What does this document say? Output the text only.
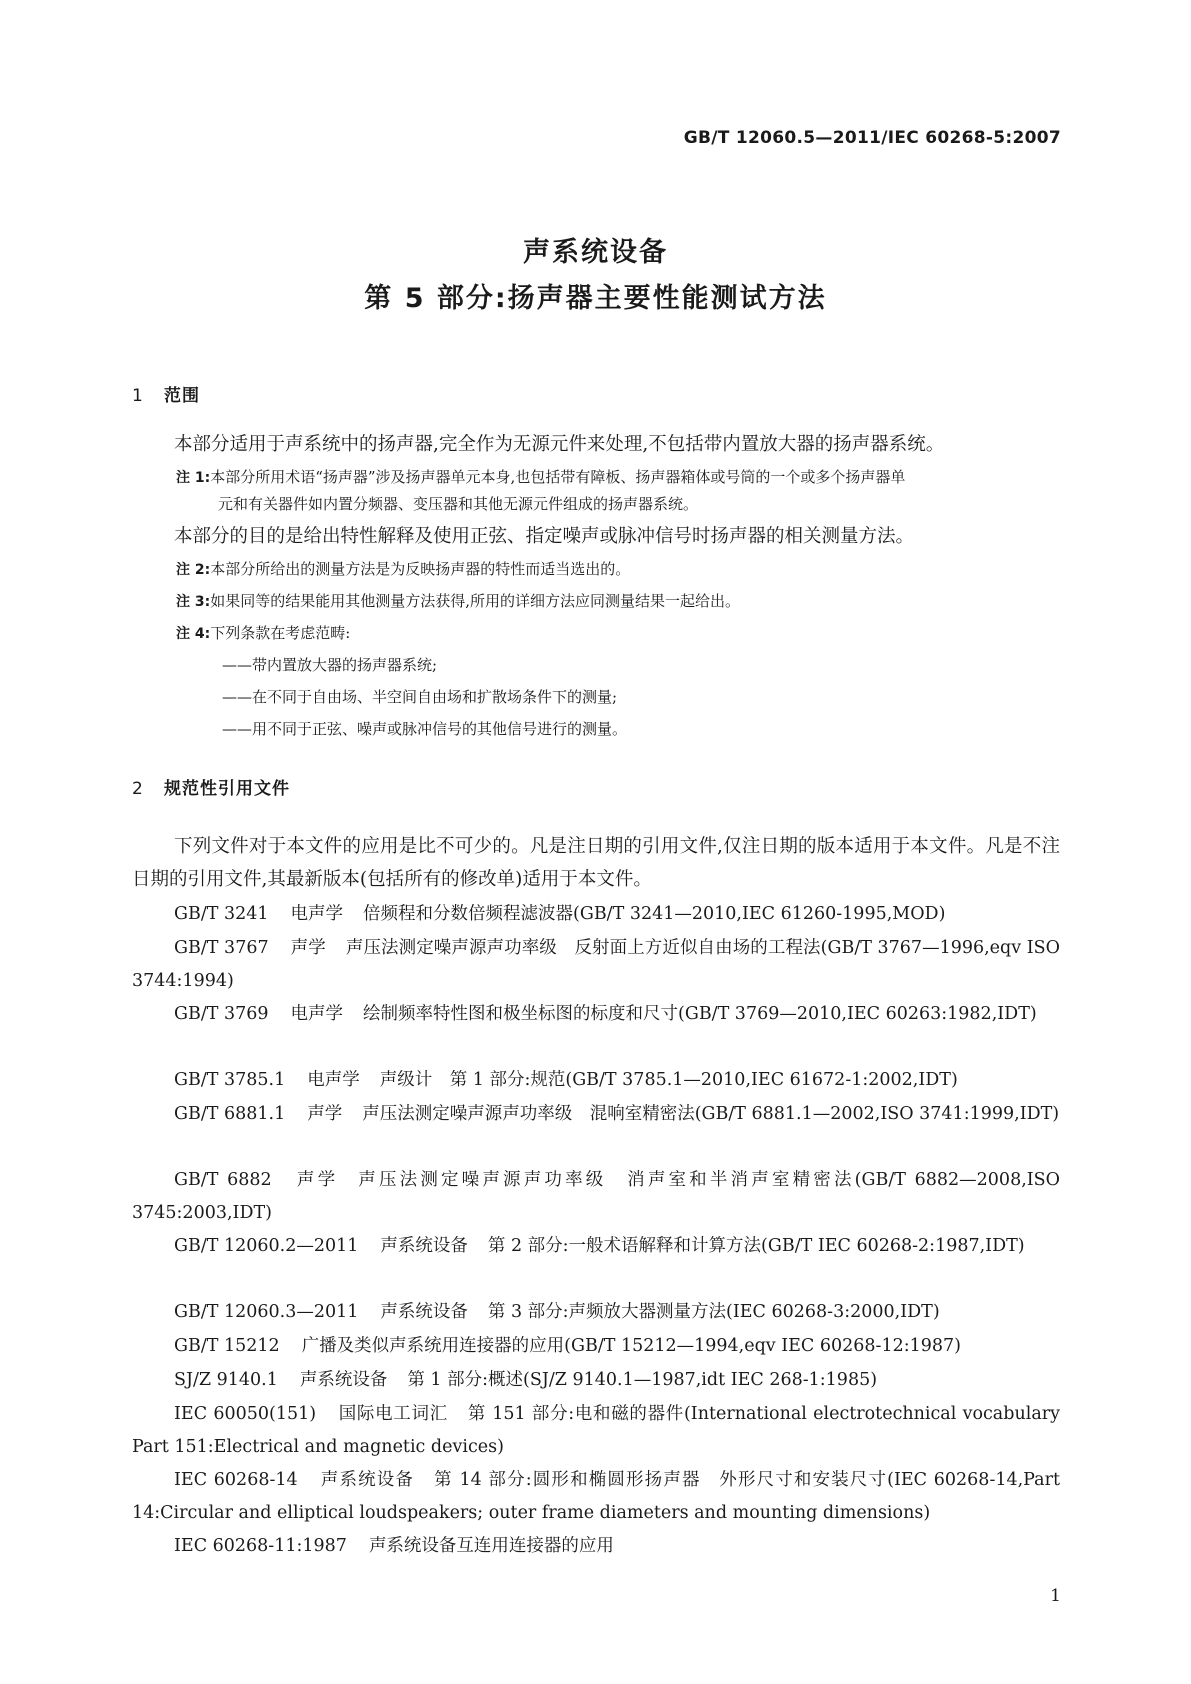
GB/T 12060.5—2011/IEC 60268-5:2007
声系统设备
第 5 部分:扬声器主要性能测试方法
1 范围
本部分适用于声系统中的扬声器,完全作为无源元件来处理,不包括带内置放大器的扬声器系统。
注 1:本部分所用术语“扬声器”涉及扬声器单元本身,也包括带有障板、扬声器箱体或号筒的一个或多个扬声器单
元和有关器件如内置分频器、变压器和其他无源元件组成的扬声器系统。
本部分的目的是给出特性解释及使用正弦、指定噪声或脉冲信号时扬声器的相关测量方法。
注 2:本部分所给出的测量方法是为反映扬声器的特性而适当选出的。
注 3:如果同等的结果能用其他测量方法获得,所用的详细方法应同测量结果一起给出。
注 4:下列条款在考虑范畴:
——带内置放大器的扬声器系统;
——在不同于自由场、半空间自由场和扩散场条件下的测量;
——用不同于正弦、噪声或脉冲信号的其他信号进行的测量。
2 规范性引用文件
下列文件对于本文件的应用是比不可少的。凡是注日期的引用文件,仅注日期的版本适用于本文件。凡是不注日期的引用文件,其最新版本(包括所有的修改单)适用于本文件。
GB/T 3241 电声学 倍频程和分数倍频程滤波器(GB/T 3241—2010,IEC 61260-1995,MOD)
GB/T 3767 声学 声压法测定噪声源声功率级　反射面上方近似自由场的工程法(GB/T 3767—1996,eqv ISO 3744:1994)
GB/T 3769 电声学 绘制频率特性图和极坐标图的标度和尺寸(GB/T 3769—2010,IEC 60263:1982,IDT)
GB/T 3785.1 电声学 声级计　第 1 部分:规范(GB/T 3785.1—2010,IEC 61672-1:2002,IDT)
GB/T 6881.1 声学 声压法测定噪声源声功率级　混响室精密法(GB/T 6881.1—2002,ISO 3741:1999,IDT)
GB/T 6882 声学 声压法测定噪声源声功率级　消声室和半消声室精密法(GB/T 6882—2008,ISO 3745:2003,IDT)
GB/T 12060.2—2011 声系统设备 第 2 部分:一般术语解释和计算方法(GB/T IEC 60268-2:1987,IDT)
GB/T 12060.3—2011 声系统设备 第 3 部分:声频放大器测量方法(IEC 60268-3:2000,IDT)
GB/T 15212 广播及类似声系统用连接器的应用(GB/T 15212—1994,eqv IEC 60268-12:1987)
SJ/Z 9140.1 声系统设备 第 1 部分:概述(SJ/Z 9140.1—1987,idt IEC 268-1:1985)
IEC 60050(151) 国际电工词汇 第 151 部分:电和磁的器件(International electrotechnical vocabulary Part 151:Electrical and magnetic devices)
IEC 60268-14 声系统设备 第 14 部分:圆形和椭圆形扬声器　外形尺寸和安装尺寸(IEC 60268-14,Part 14:Circular and elliptical loudspeakers; outer frame diameters and mounting dimensions)
IEC 60268-11:1987 声系统设备互连用连接器的应用
1
